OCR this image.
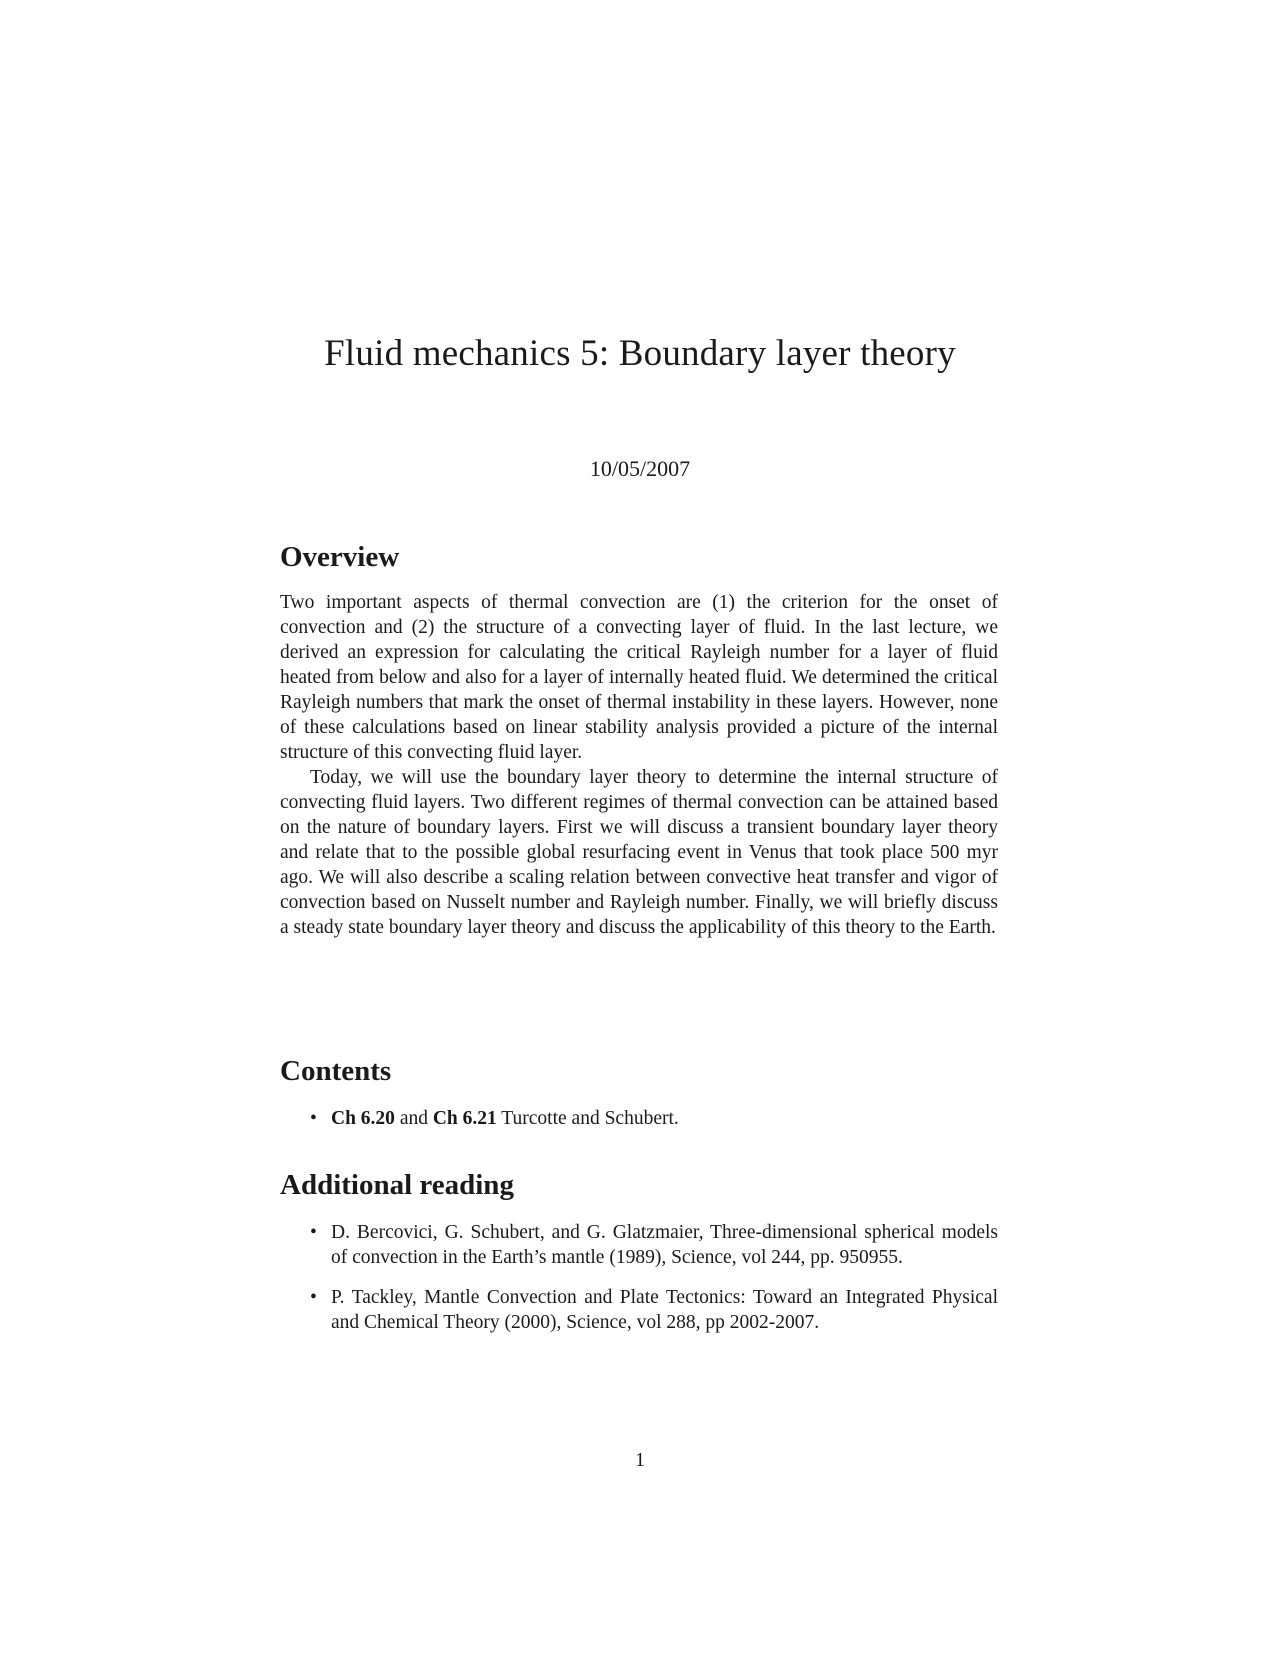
Fluid mechanics 5: Boundary layer theory

10/05/2007

Overview

Two important aspects of thermal convection are (1) the criterion for the onset of convection and (2) the structure of a convecting layer of fluid. In the last lecture, we derived an expression for calculating the critical Rayleigh number for a layer of fluid heated from below and also for a layer of internally heated fluid. We determined the critical Rayleigh numbers that mark the onset of thermal instability in these layers. However, none of these calculations based on linear stability analysis provided a picture of the internal structure of this convecting fluid layer.

Today, we will use the boundary layer theory to determine the internal structure of convecting fluid layers. Two different regimes of thermal convection can be attained based on the nature of boundary layers. First we will discuss a transient boundary layer theory and relate that to the possible global resurfacing event in Venus that took place 500 myr ago. We will also describe a scaling relation between convective heat transfer and vigor of convection based on Nusselt number and Rayleigh number. Finally, we will briefly discuss a steady state boundary layer theory and discuss the applicability of this theory to the Earth.

Contents
• Ch 6.20 and Ch 6.21 Turcotte and Schubert.
Additional reading
• D. Bercovici, G. Schubert, and G. Glatzmaier, Three-dimensional spherical models of convection in the Earth’s mantle (1989), Science, vol 244, pp. 950955.
• P. Tackley, Mantle Convection and Plate Tectonics: Toward an Integrated Physical and Chemical Theory (2000), Science, vol 288, pp 2002-2007.

1
